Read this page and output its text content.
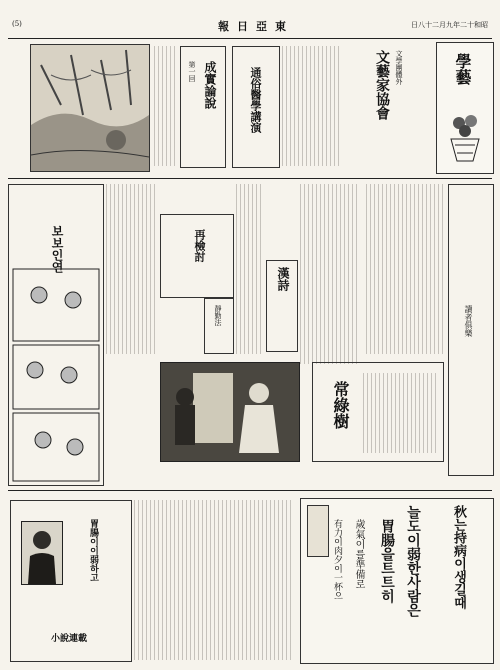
(5)	報日亞東	日八十二月九年二十和昭
成實論說
第一回	通俗醫學講演	文學團體外
文藝家協會	學藝
보보인연	再檢討
靜勤法
漢詩
讀者俱樂
常綠樹
胃腸이이弱하고
小說連載
秋는持病이생길때
늘도이弱한사람은
胃腸을트트히
歲氣이를準備로
有力이肉夕이一杯으
